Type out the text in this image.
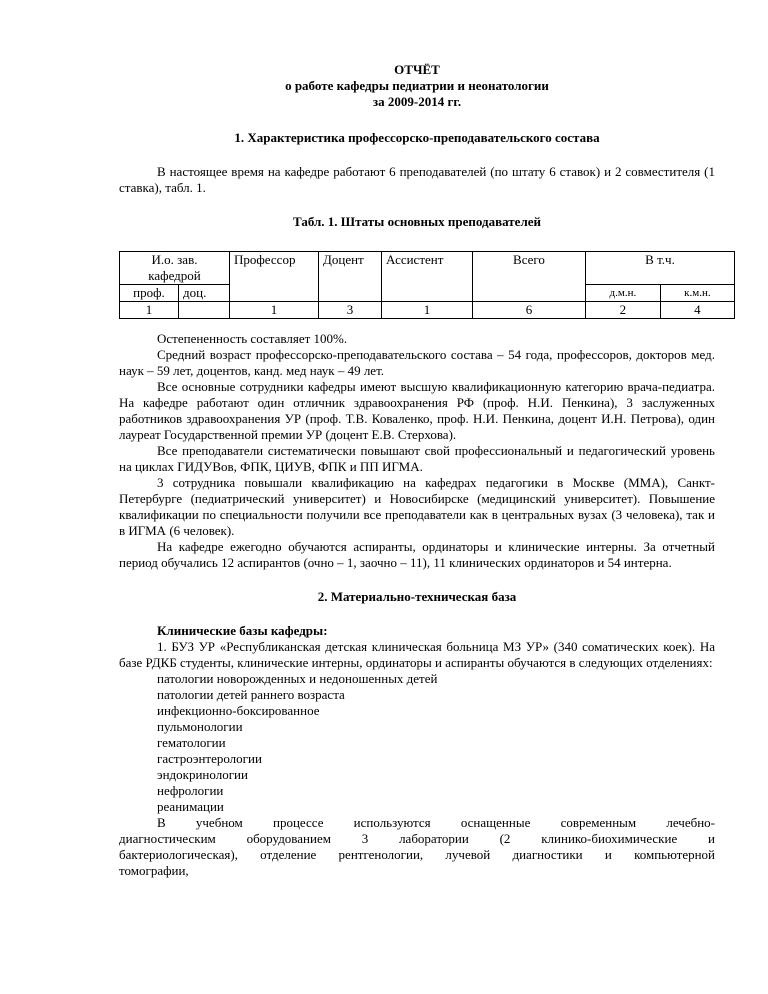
ОТЧЁТ
о работе кафедры педиатрии и неонатологии
за 2009-2014 гг.
1. Характеристика профессорско-преподавательского состава

В настоящее время на кафедре работают 6 преподавателей (по штату 6 ставок) и 2 совместителя (1 ставка), табл. 1.

Табл. 1. Штаты основных преподавателей
И.о. зав. кафедрой		Профессор	Доцент	Ассистент	Всего	В т.ч.	
проф.	доц.					д.м.н.	к.м.н.
1		1	3	1	6	2	4

Остепененность составляет 100%.

Средний возраст профессорско-преподавательского состава – 54 года, профессоров, докторов мед. наук – 59 лет, доцентов, канд. мед наук – 49 лет.

Все основные сотрудники кафедры имеют высшую квалификационную категорию врача-педиатра. На кафедре работают один отличник здравоохранения РФ (проф. Н.И. Пенкина), 3 заслуженных работников здравоохранения УР (проф. Т.В. Коваленко, проф. Н.И. Пенкина, доцент И.Н. Петрова), один лауреат Государственной премии УР (доцент Е.В. Стерхова).

Все преподаватели систематически повышают свой профессиональный и педагогический уровень на циклах ГИДУВов, ФПК, ЦИУВ, ФПК и ПП ИГМА.

3 сотрудника повышали квалификацию на кафедрах педагогики в Москве (ММА), Санкт-Петербурге (педиатрический университет) и Новосибирске (медицинский университет). Повышение квалификации по специальности получили все преподаватели как в центральных вузах (3 человека), так и в ИГМА (6 человек).

На кафедре ежегодно обучаются аспиранты, ординаторы и клинические интерны. За отчетный период обучались 12 аспирантов (очно – 1, заочно – 11), 11 клинических ординаторов и 54 интерна.

2. Материально-техническая база
Клинические базы кафедры:

1. БУЗ УР «Республиканская детская клиническая больница МЗ УР» (340 соматических коек). На базе РДКБ студенты, клинические интерны, ординаторы и аспиранты обучаются в следующих отделениях:

патологии новорожденных и недоношенных детей
патологии детей раннего возраста
инфекционно-боксированное
пульмонологии
гематологии
гастроэнтерологии
эндокринологии
нефрологии
реанимации

В учебном процессе используются оснащенные современным лечебно-диагностическим оборудованием 3 лаборатории (2 клинико-биохимические и бактериологическая), отделение рентгенологии, лучевой диагностики и компьютерной томографии,
